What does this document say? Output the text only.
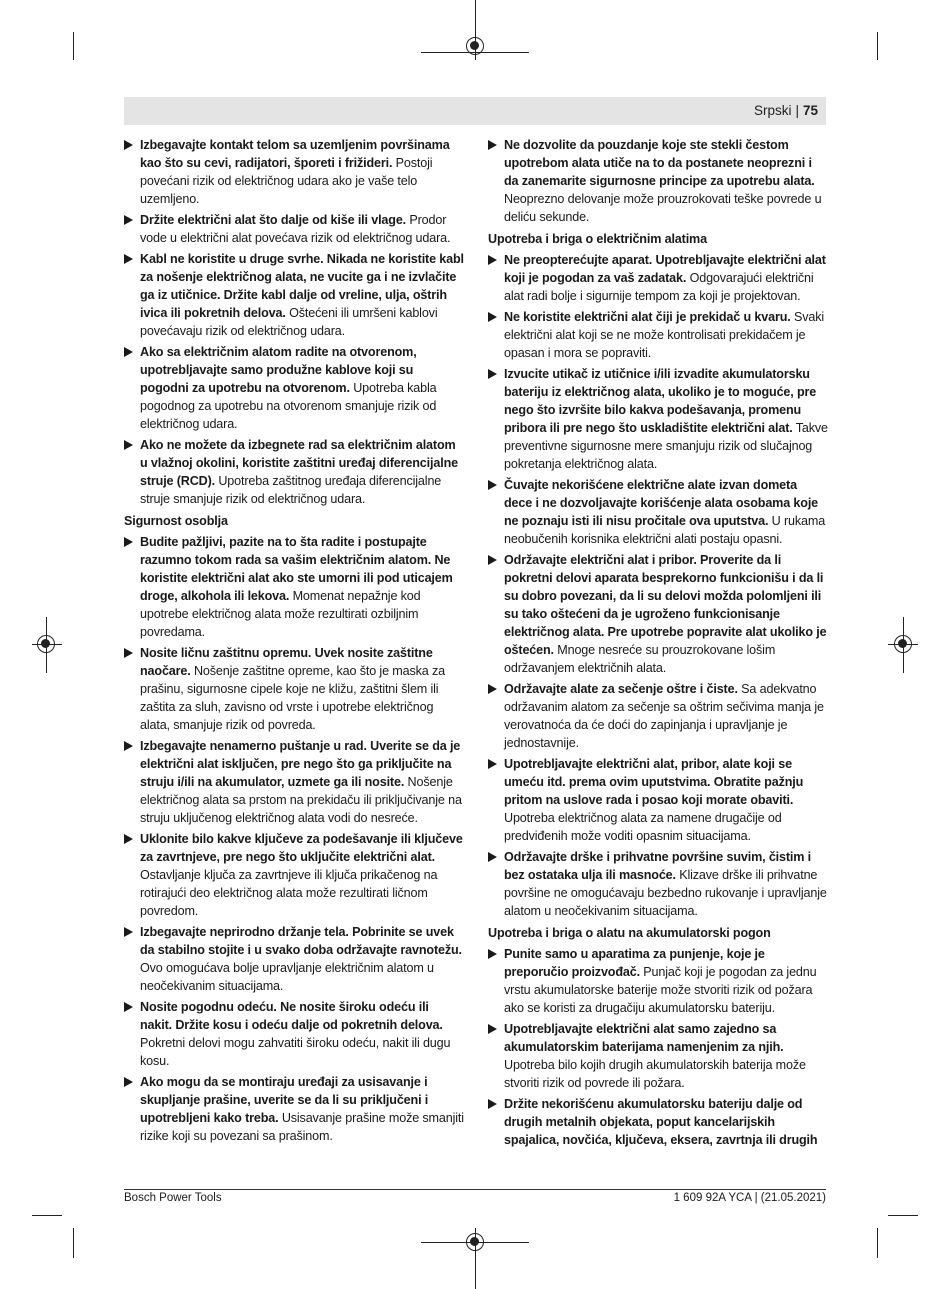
Srpski | 75
Izbegavajte kontakt telom sa uzemljenim površinama kao što su cevi, radijatori, šporeti i frižideri. Postoji povećani rizik od električnog udara ako je vaše telo uzemljeno.
Držite električni alat što dalje od kiše ili vlage. Prodor vode u električni alat povećava rizik od električnog udara.
Kabl ne koristite u druge svrhe. Nikada ne koristite kabl za nošenje električnog alata, ne vucite ga i ne izvlačite ga iz utičnice. Držite kabl dalje od vreline, ulja, oštrih ivica ili pokretnih delova. Oštećeni ili umršeni kablovi povećavaju rizik od električnog udara.
Ako sa električnim alatom radite na otvorenom, upotrebljavajte samo produžne kablove koji su pogodni za upotrebu na otvorenom. Upotreba kabla pogodnog za upotrebu na otvorenom smanjuje rizik od električnog udara.
Ako ne možete da izbegnete rad sa električnim alatom u vlažnoj okolini, koristite zaštitni uređaj diferencijalne struje (RCD). Upotreba zaštitnog uređaja diferencijalne struje smanjuje rizik od električnog udara.
Sigurnost osoblja
Budite pažljivi, pazite na to šta radite i postupajte razumno tokom rada sa vašim električnim alatom. Ne koristite električni alat ako ste umorni ili pod uticajem droge, alkohola ili lekova. Momenat nepažnje kod upotrebe električnog alata može rezultirati ozbiljnim povredama.
Nosite ličnu zaštitnu opremu. Uvek nosite zaštitne naočare. Nošenje zaštitne opreme, kao što je maska za prašinu, sigurnosne cipele koje ne kližu, zaštitni šlem ili zaštita za sluh, zavisno od vrste i upotrebe električnog alata, smanjuje rizik od povreda.
Izbegavajte nenamerno puštanje u rad. Uverite se da je električni alat isključen, pre nego što ga priključite na struju i/ili na akumulator, uzmete ga ili nosite. Nošenje električnog alata sa prstom na prekidaču ili priključivanje na struju uključenog električnog alata vodi do nesreće.
Uklonite bilo kakve ključeve za podešavanje ili ključeve za zavrtnjeve, pre nego što uključite električni alat. Ostavljanje ključa za zavrtnjeve ili ključa prikačenog na rotirajući deo električnog alata može rezultirati ličnom povredom.
Izbegavajte neprirodno držanje tela. Pobrinite se uvek da stabilno stojite i u svako doba održavajte ravnotežu. Ovo omogućava bolje upravljanje električnim alatom u neočekivanim situacijama.
Nosite pogodnu odeću. Ne nosite široku odeću ili nakit. Držite kosu i odeću dalje od pokretnih delova. Pokretni delovi mogu zahvatiti široku odeću, nakit ili dugu kosu.
Ako mogu da se montiraju uređaji za usisavanje i skupljanje prašine, uverite se da li su priključeni i upotrebljeni kako treba. Usisavanje prašine može smanjiti rizike koji su povezani sa prašinom.
Ne dozvolite da pouzdanje koje ste stekli čestom upotrebom alata utiče na to da postanete neoprezni i da zanemarite sigurnosne principe za upotrebu alata. Neoprezno delovanje može prouzrokovati teške povrede u deliću sekunde.
Upotreba i briga o električnim alatima
Ne preopterećujte aparat. Upotrebljavajte električni alat koji je pogodan za vaš zadatak. Odgovarajući električni alat radi bolje i sigurnije tempom za koji je projektovan.
Ne koristite električni alat čiji je prekidač u kvaru. Svaki električni alat koji se ne može kontrolisati prekidačem je opasan i mora se popraviti.
Izvucite utikač iz utičnice i/ili izvadite akumulatorsku bateriju iz električnog alata, ukoliko je to moguće, pre nego što izvršite bilo kakva podešavanja, promenu pribora ili pre nego što uskladištite električni alat. Takve preventivne sigurnosne mere smanjuju rizik od slučajnog pokretanja električnog alata.
Čuvajte nekorišćene električne alate izvan dometa dece i ne dozvoljavajte korišćenje alata osobama koje ne poznaju isti ili nisu pročitale ova uputstva. U rukama neobučenih korisnika električni alati postaju opasni.
Održavajte električni alat i pribor. Proverite da li pokretni delovi aparata besprekorno funkcionišu i da li su dobro povezani, da li su delovi možda polomljeni ili su tako oštećeni da je ugroženo funkcionisanje električnog alata. Pre upotrebe popravite alat ukoliko je oštećen. Mnoge nesreće su prouzrokovane lošim održavanjem električnih alata.
Održavajte alate za sečenje oštre i čiste. Sa adekvatno održavanim alatom za sečenje sa oštrim sečivima manja je verovatnoća da će doći do zapinjanja i upravljanje je jednostavnije.
Upotrebljavajte električni alat, pribor, alate koji se umeću itd. prema ovim uputstvima. Obratite pažnju pritom na uslove rada i posao koji morate obaviti. Upotreba električnog alata za namene drugačije od predviđenih može voditi opasnim situacijama.
Održavajte drške i prihvatne površine suvim, čistim i bez ostataka ulja ili masnoće. Klizave drške ili prihvatne površine ne omogućavaju bezbedno rukovanje i upravljanje alatom u neočekivanim situacijama.
Upotreba i briga o alatu na akumulatorski pogon
Punite samo u aparatima za punjenje, koje je preporučio proizvođač. Punjač koji je pogodan za jednu vrstu akumulatorske baterije može stvoriti rizik od požara ako se koristi za drugačiju akumulatorsku bateriju.
Upotrebljavajte električni alat samo zajedno sa akumulatorskim baterijama namenjenim za njih. Upotreba bilo kojih drugih akumulatorskih baterija može stvoriti rizik od povrede ili požara.
Držite nekorišćenu akumulatorsku bateriju dalje od drugih metalnih objekata, poput kancelarijskih spajalica, novčića, ključeva, eksera, zavrtnja ili drugih
Bosch Power Tools	1 609 92A YCA | (21.05.2021)
